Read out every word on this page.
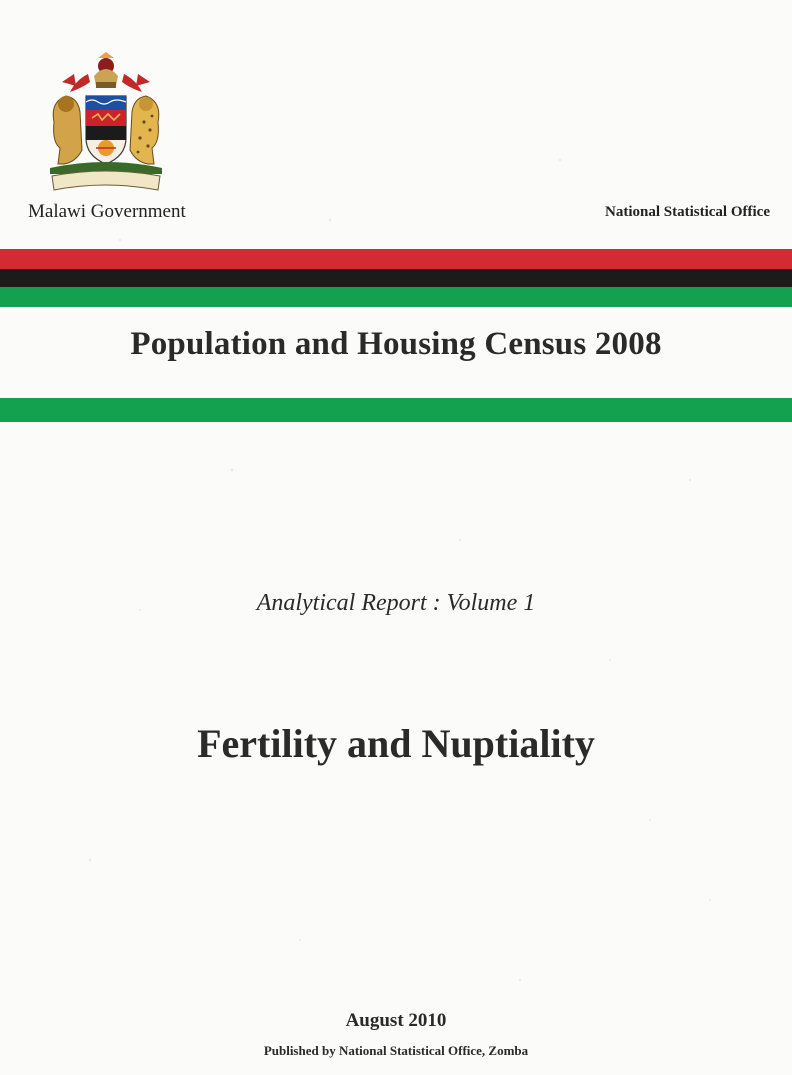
Malawi Government	National Statistical Office
Population and Housing Census 2008
Analytical Report : Volume 1
Fertility and Nuptiality
August 2010
Published by National Statistical Office, Zomba
